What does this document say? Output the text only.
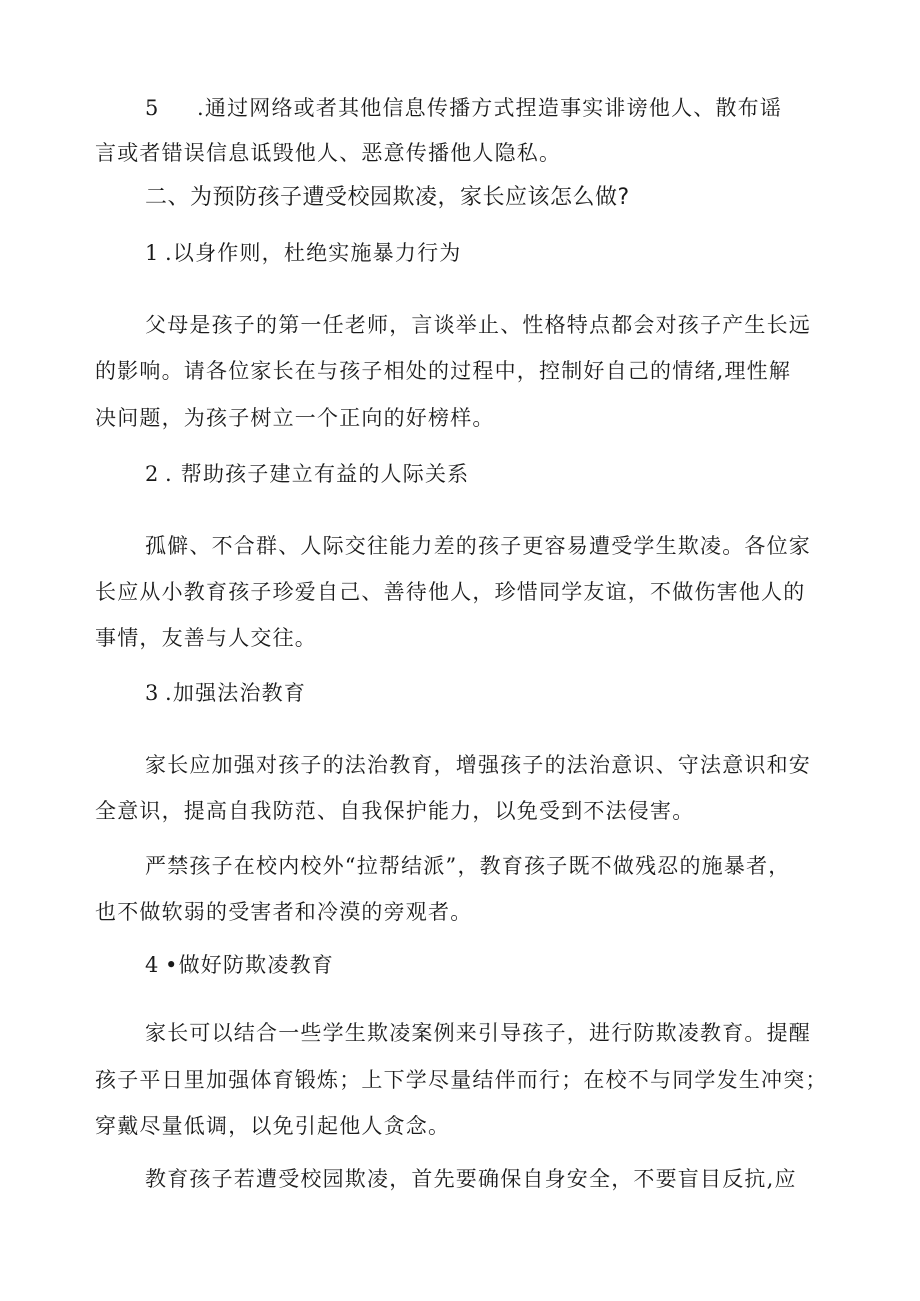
5 .通过网络或者其他信息传播方式捏造事实诽谤他人、散布谣
言或者错误信息诋毁他人、恶意传播他人隐私。
二、为预防孩子遭受校园欺凌，家长应该怎么做?
1 .以身作则，杜绝实施暴力行为
父母是孩子的第一任老师，言谈举止、性格特点都会对孩子产生长远
的影响。请各位家长在与孩子相处的过程中，控制好自己的情绪,理性解
决问题，为孩子树立一个正向的好榜样。
2 . 帮助孩子建立有益的人际关系
孤僻、不合群、人际交往能力差的孩子更容易遭受学生欺凌。各位家
长应从小教育孩子珍爱自己、善待他人，珍惜同学友谊，不做伤害他人的
事情，友善与人交往。
3 .加强法治教育
家长应加强对孩子的法治教育，增强孩子的法治意识、守法意识和安
全意识，提高自我防范、自我保护能力，以免受到不法侵害。
严禁孩子在校内校外“拉帮结派”，教育孩子既不做残忍的施暴者，
也不做软弱的受害者和冷漠的旁观者。
4 •做好防欺凌教育
家长可以结合一些学生欺凌案例来引导孩子，进行防欺凌教育。提醒
孩子平日里加强体育锻炼；上下学尽量结伴而行；在校不与同学发生冲突；
穿戴尽量低调，以免引起他人贪念。
教育孩子若遭受校园欺凌，首先要确保自身安全，不要盲目反抗,应
